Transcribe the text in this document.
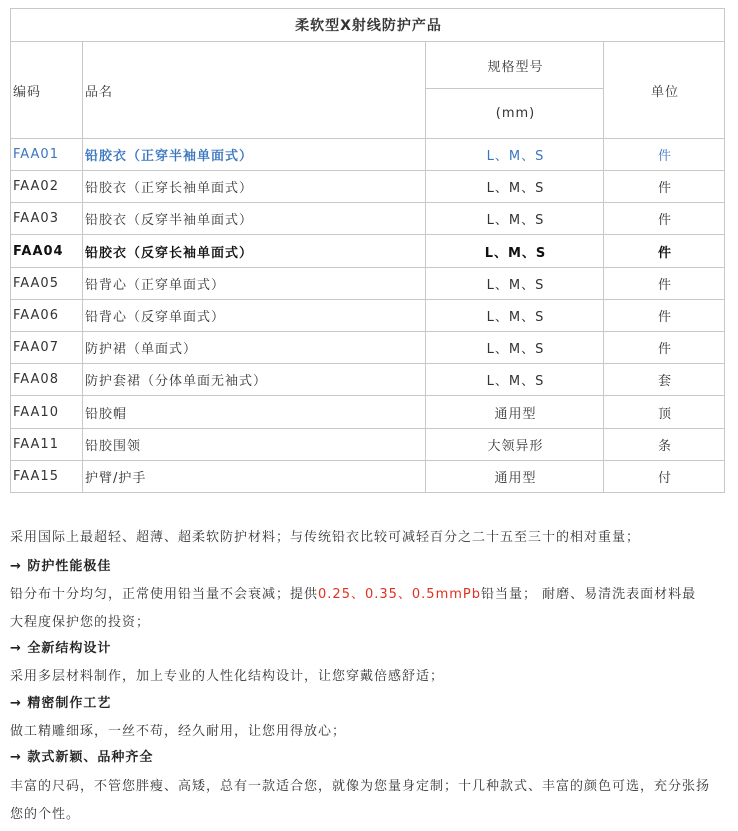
柔软型X射线防护产品			
编码	品名	规格型号	单位
		(mm)	
FAA01	铅胶衣（正穿半袖单面式）	L、M、S	件
FAA02	铅胶衣（正穿长袖单面式）	L、M、S	件
FAA03	铅胶衣（反穿半袖单面式）	L、M、S	件
FAA04	铅胶衣（反穿长袖单面式）	L、M、S	件
FAA05	铅背心（正穿单面式）	L、M、S	件
FAA06	铅背心（反穿单面式）	L、M、S	件
FAA07	防护裙（单面式）	L、M、S	件
FAA08	防护套裙（分体单面无袖式）	L、M、S	套
FAA10	铅胶帽	通用型	顶
FAA11	铅胶围领	大领异形	条
FAA15	护臂/护手	通用型	付
采用国际上最超轻、超薄、超柔软防护材料；与传统铅衣比较可减轻百分之二十五至三十的相对重量；
→ 防护性能极佳
铅分布十分均匀，正常使用铅当量不会衰减；提供0.25、0.35、0.5mmPb铅当量； 耐磨、易清洗表面材料最大程度保护您的投资；
→ 全新结构设计
采用多层材料制作，加上专业的人性化结构设计，让您穿戴倍感舒适；
→ 精密制作工艺
做工精雕细琢，一丝不苟，经久耐用，让您用得放心；
→ 款式新颖、品种齐全
丰富的尺码，不管您胖瘦、高矮，总有一款适合您，就像为您量身定制；十几种款式、丰富的颜色可选，充分张扬您的个性。
